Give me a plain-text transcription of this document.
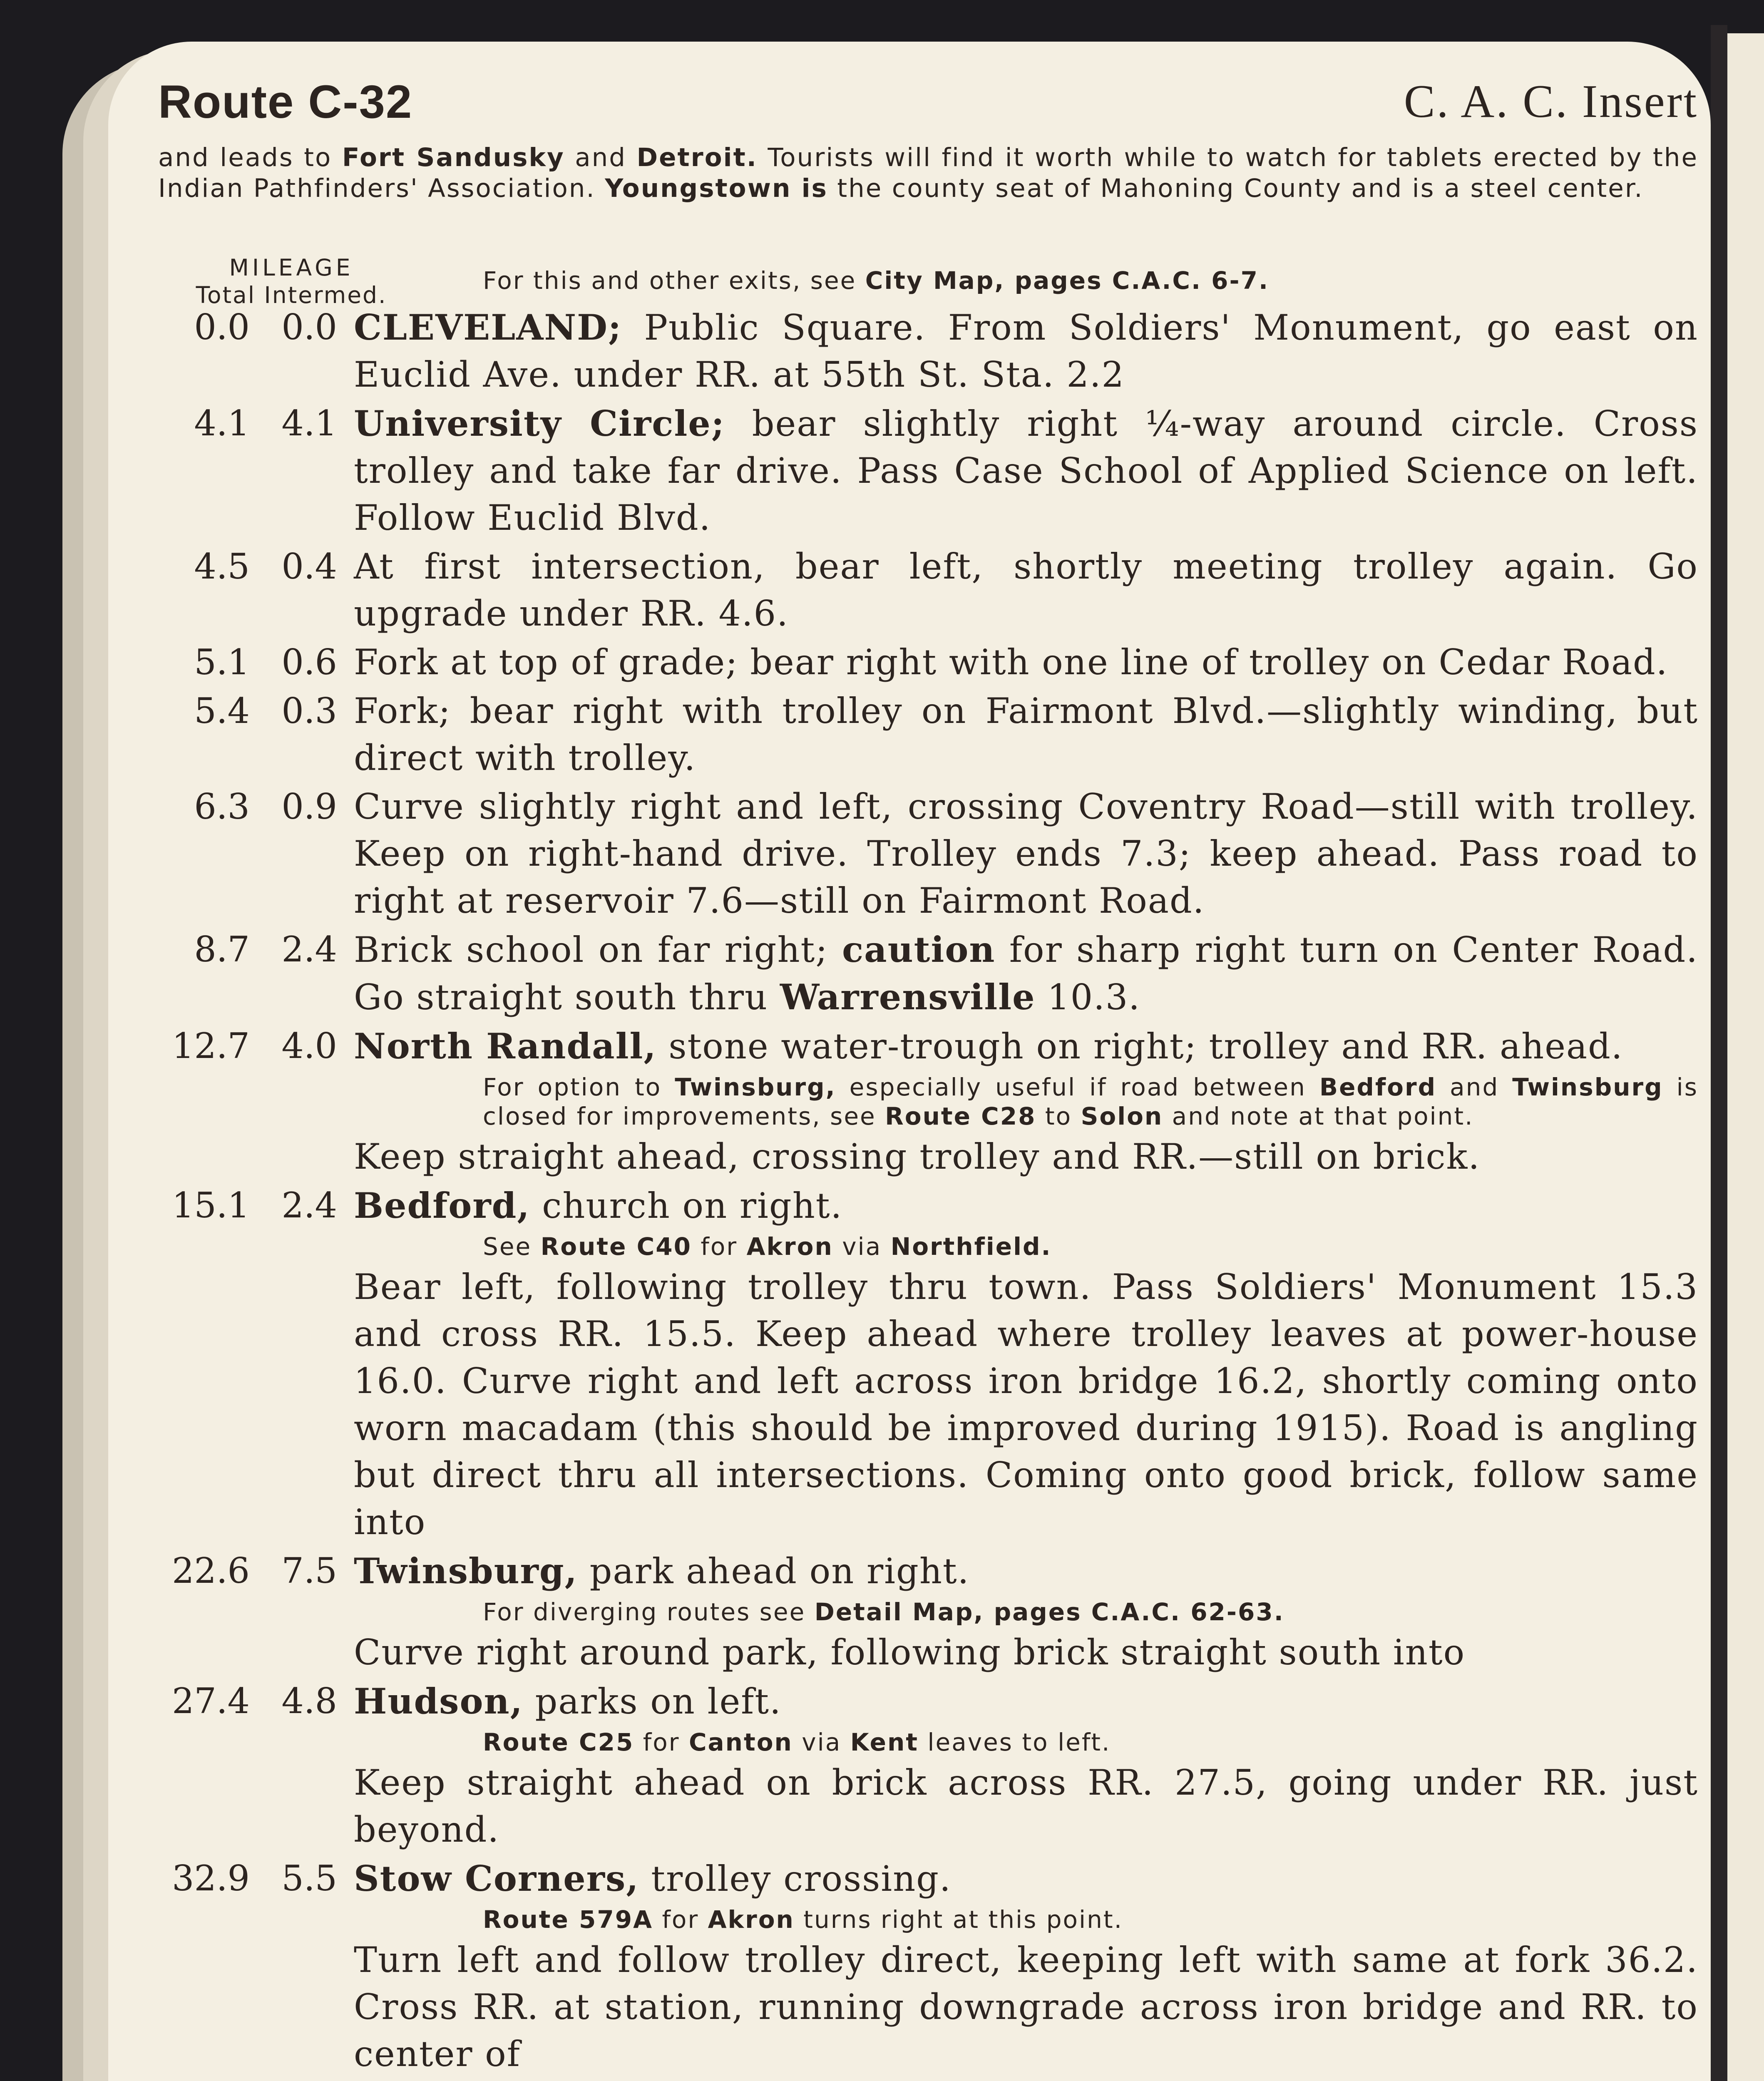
Route C-32	C. A. C. Insert
and leads to Fort Sandusky and Detroit. Tourists will find it worth while to watch for tablets erected by the Indian Pathfinders' Association. Youngstown is the county seat of Mahoning County and is a steel center.
MILEAGE
Total Intermed.
For this and other exits, see City Map, pages C.A.C. 6-7.
0.0 0.0 CLEVELAND; Public Square. From Soldiers' Monument, go east on Euclid Ave. under RR. at 55th St. Sta. 2.2
4.1 4.1 University Circle; bear slightly right ¼-way around circle. Cross trolley and take far drive. Pass Case School of Applied Science on left. Follow Euclid Blvd.
4.5 0.4 At first intersection, bear left, shortly meeting trolley again. Go upgrade under RR. 4.6.
5.1 0.6 Fork at top of grade; bear right with one line of trolley on Cedar Road.
5.4 0.3 Fork; bear right with trolley on Fairmont Blvd.—slightly winding, but direct with trolley.
6.3 0.9 Curve slightly right and left, crossing Coventry Road—still with trolley. Keep on right-hand drive. Trolley ends 7.3; keep ahead. Pass road to right at reservoir 7.6—still on Fairmont Road.
8.7 2.4 Brick school on far right; caution for sharp right turn on Center Road. Go straight south thru Warrensville 10.3.
12.7 4.0 North Randall, stone water-trough on right; trolley and RR. ahead.
For option to Twinsburg, especially useful if road between Bedford and Twinsburg is closed for improvements, see Route C28 to Solon and note at that point.
Keep straight ahead, crossing trolley and RR.—still on brick.
15.1 2.4 Bedford, church on right.
See Route C40 for Akron via Northfield.
Bear left, following trolley thru town. Pass Soldiers' Monument 15.3 and cross RR. 15.5. Keep ahead where trolley leaves at power-house 16.0. Curve right and left across iron bridge 16.2, shortly coming onto worn macadam (this should be improved during 1915). Road is angling but direct thru all intersections. Coming onto good brick, follow same into
22.6 7.5 Twinsburg, park ahead on right.
For diverging routes see Detail Map, pages C.A.C. 62-63.
Curve right around park, following brick straight south into
27.4 4.8 Hudson, parks on left.
Route C25 for Canton via Kent leaves to left.
Keep straight ahead on brick across RR. 27.5, going under RR. just beyond.
32.9 5.5 Stow Corners, trolley crossing.
Route 579A for Akron turns right at this point.
Turn left and follow trolley direct, keeping left with same at fork 36.2. Cross RR. at station, running downgrade across iron bridge and RR. to center of
